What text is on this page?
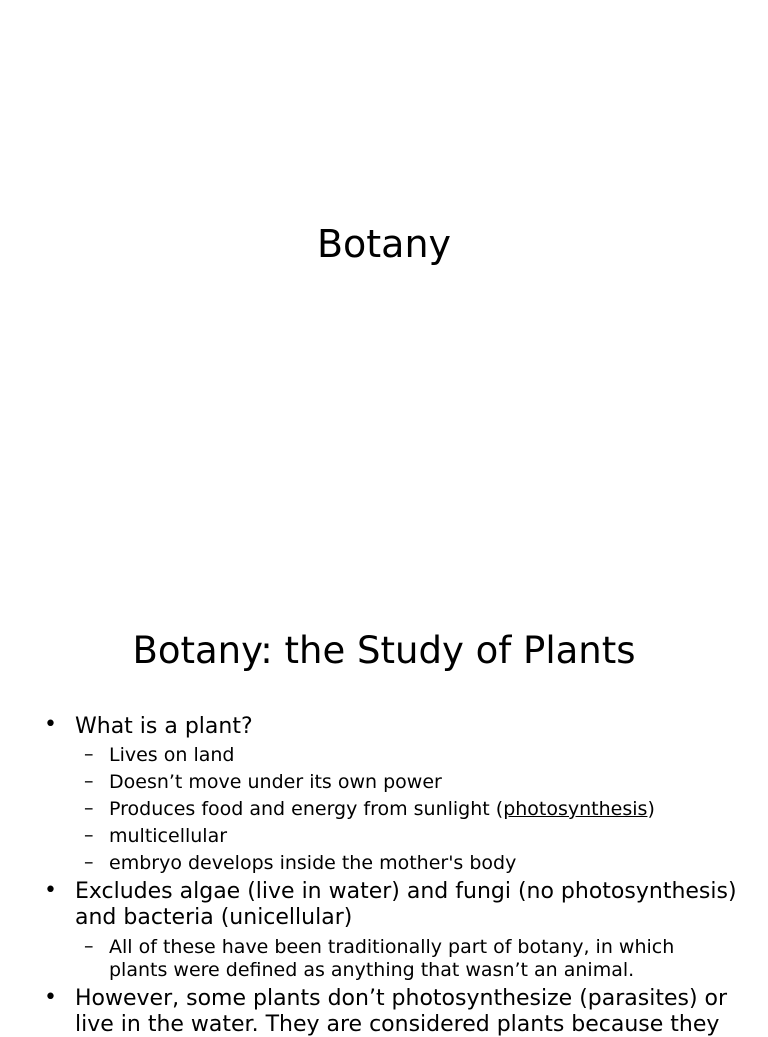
Botany
Botany: the Study of Plants
• What is a plant?
– Lives on land
– Doesn’t move under its own power
– Produces food and energy from sunlight (photosynthesis)
– multicellular
– embryo develops inside the mother's body
• Excludes algae (live in water) and fungi (no photosynthesis)
and bacteria (unicellular)
– All of these have been traditionally part of botany, in which
plants were defined as anything that wasn’t an animal.
• However, some plants don’t photosynthesize (parasites) or
live in the water. They are considered plants because they
